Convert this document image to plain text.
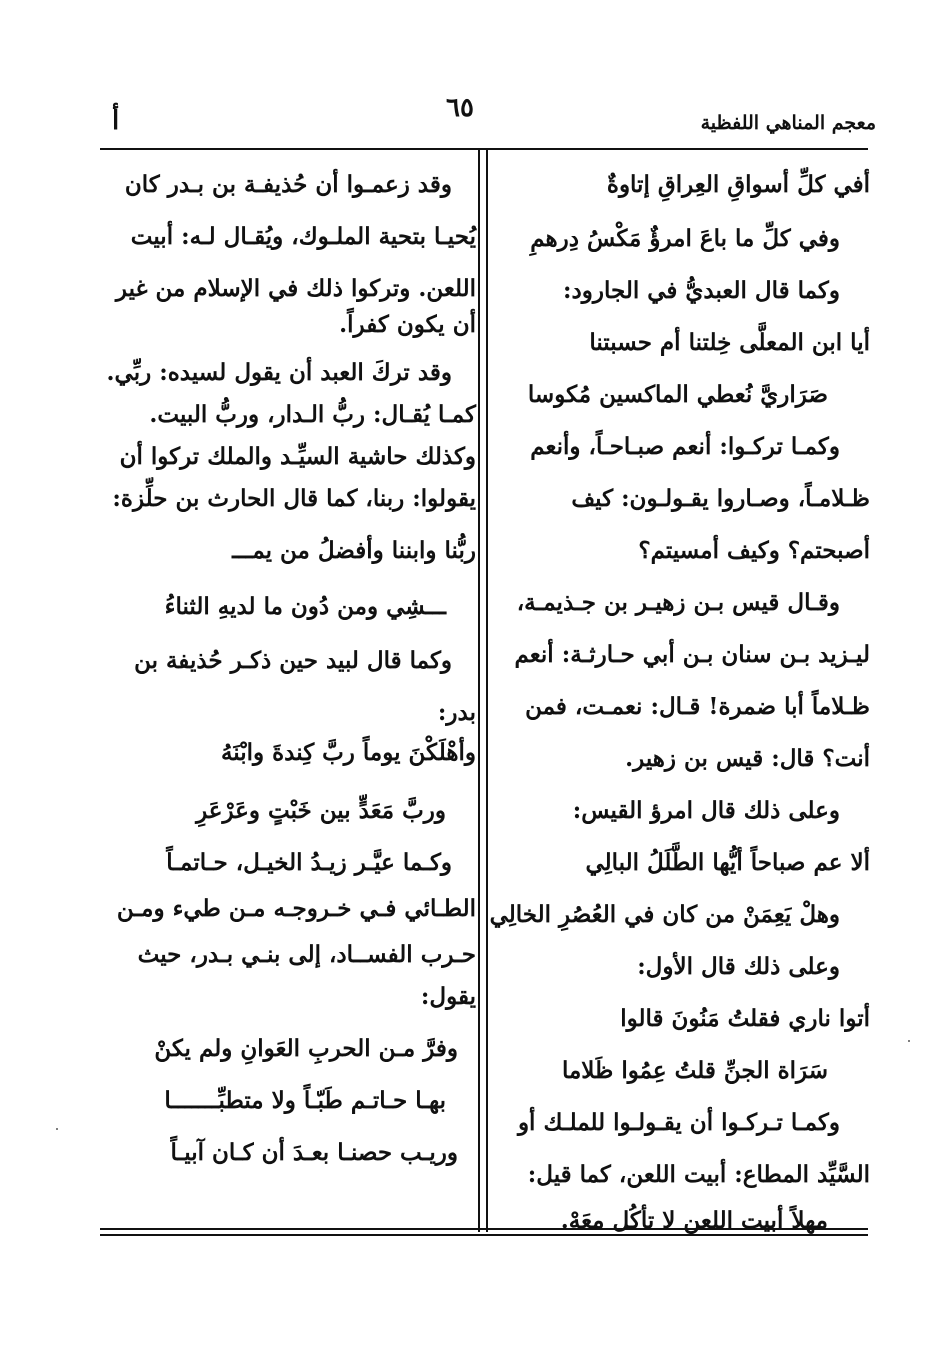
معجم المناهي اللفظية
٦٥
أ
أفي كلِّ أسواقِ العِراقِ إتاوةٌ
وفي كلِّ ما باعَ امرؤٌ مَكْسُ دِرهمِ
وكما قال العبديُّ في الجارود:
أيا ابن المعلَّى خِلتنا أم حسبتنا
صَرَاريَّ نُعطي الماكسين مُكوسا
وكمـا تركـوا: أنعم صبـاحـاً، وأنعم
ظـلامـاً، وصـاروا يقـولـون: كيف
أصبحتم؟ وكيف أمسيتم؟
وقـال قيس بـن زهيـر بن جـذيمـة،
ليـزيد بـن سنان بـن أبي حـارثـة: أنعم
ظـلاماً أبا ضمرة! قـال: نعمـت، فمن
أنت؟ قال: قيس بن زهير.
وعلى ذلك قال امرؤ القيس:
ألا عم صباحاً أيُّها الطَّلَلُ البالِي
وهلْ يَعِمَنْ من كان في العُصُرِ الخالِي
وعلى ذلك قال الأول:
أتوا ناري فقلتُ مَنُونَ قالوا
سَرَاة الجنِّ قلتُ عِمُوا ظَلاما
وكمـا تـركـوا أن يقـولـوا للملـك أو
السَّيِّد المطاع: أبيت اللعن، كما قيل:
مهلاً أبيت اللعن لا تأكُل معَهْ.
وقد زعمـوا أن حُذيفـة بن بـدر كان
يُحيـا بتحية الملـوك، ويُقـال لـه: أبيت
اللعن. وتركوا ذلك في الإسلام من غير
أن يكون كفراً.
وقد تركَ العبد أن يقول لسيده: ربِّي.
كمـا يُقـال: ربُّ الـدار، وربُّ البيت.
وكذلك حاشية السيِّـد والملك تركوا أن
يقولوا: ربنا، كما قال الحارث بن حلِّزة:
ربُّنا وابننا وأفضلُ من يمـــ
ـــشِي ومن دُون ما لديهِ الثناءُ
وكما قال لبيد حين ذكـر حُذيفة بن
بدر:
وأهْلَكْنَ يوماً ربَّ كِندةَ وابْنَهُ
وربَّ مَعَدٍّ بين خَبْتٍ وعَرْعَرِ
وكـما عيَّـر زيـدُ الخيـل، حـاتمـاً
الطـائي فـي خـروجـه مـن طيء ومـن
حـرب الفســاد، إلى بنـي بـدر، حيث
يقول:
وفرَّ مـن الحربِ العَوانِ ولم يكنْ
بهـا حـاتـم طَبّـاً ولا متطبِّـــــــا
وريـب حصنـا بعـدَ أن كـان آبيـاً
